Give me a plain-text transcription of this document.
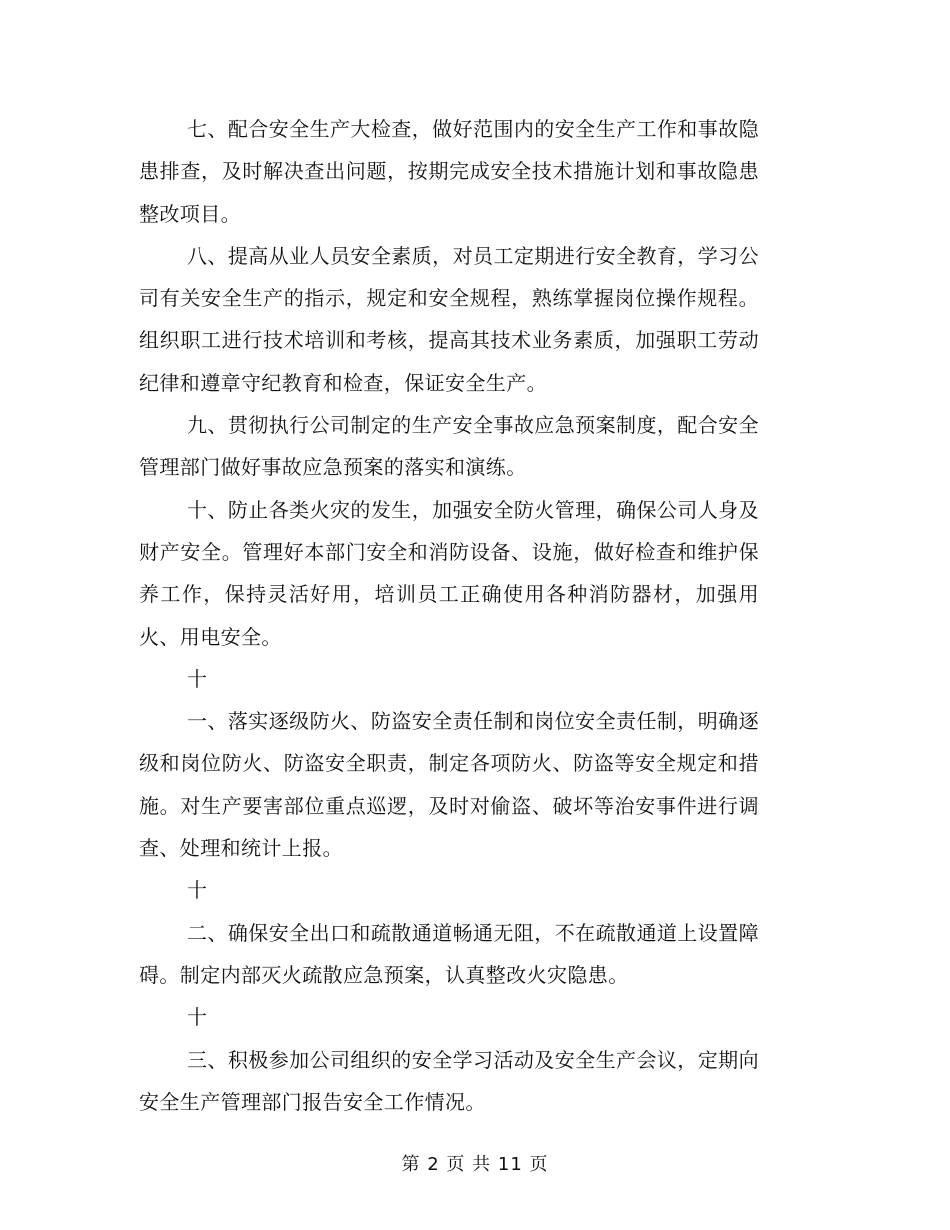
七、配合安全生产大检查，做好范围内的安全生产工作和事故隐患排查，及时解决查出问题，按期完成安全技术措施计划和事故隐患整改项目。

八、提高从业人员安全素质，对员工定期进行安全教育，学习公司有关安全生产的指示，规定和安全规程，熟练掌握岗位操作规程。组织职工进行技术培训和考核，提高其技术业务素质，加强职工劳动纪律和遵章守纪教育和检查，保证安全生产。

九、贯彻执行公司制定的生产安全事故应急预案制度，配合安全管理部门做好事故应急预案的落实和演练。

十、防止各类火灾的发生，加强安全防火管理，确保公司人身及财产安全。管理好本部门安全和消防设备、设施，做好检查和维护保养工作，保持灵活好用，培训员工正确使用各种消防器材，加强用火、用电安全。

十

一、落实逐级防火、防盗安全责任制和岗位安全责任制，明确逐级和岗位防火、防盗安全职责，制定各项防火、防盗等安全规定和措施。对生产要害部位重点巡逻，及时对偷盗、破坏等治安事件进行调查、处理和统计上报。

十

二、确保安全出口和疏散通道畅通无阻，不在疏散通道上设置障碍。制定内部灭火疏散应急预案，认真整改火灾隐患。

十

三、积极参加公司组织的安全学习活动及安全生产会议，定期向安全生产管理部门报告安全工作情况。

第 2 页 共 11 页
